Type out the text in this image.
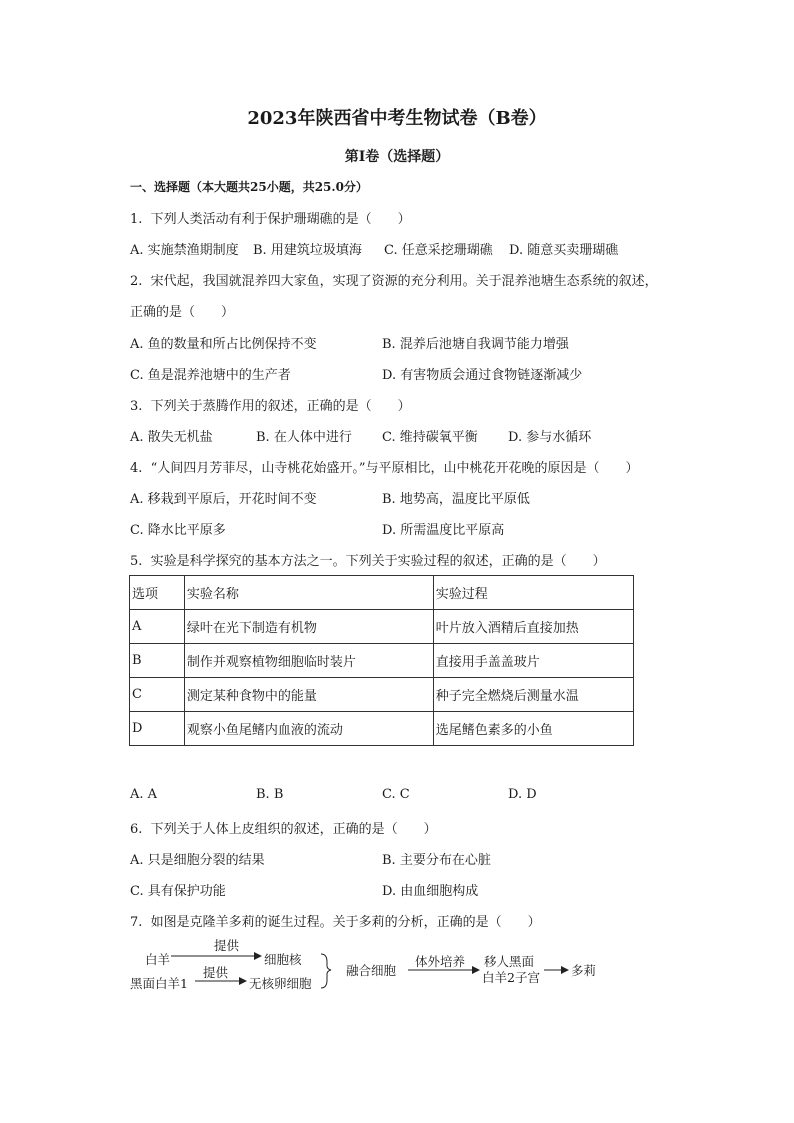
2023年陕西省中考生物试卷（B卷）
第I卷（选择题）
一、选择题（本大题共25小题，共25.0分）
1. 下列人类活动有利于保护珊瑚礁的是（　　）
A. 实施禁渔期制度 B. 用建筑垃圾填海 C. 任意采挖珊瑚礁 D. 随意买卖珊瑚礁
2. 宋代起，我国就混养四大家鱼，实现了资源的充分利用。关于混养池塘生态系统的叙述，
正确的是（　　）
A. 鱼的数量和所占比例保持不变	B. 混养后池塘自我调节能力增强
C. 鱼是混养池塘中的生产者	D. 有害物质会通过食物链逐渐减少
3. 下列关于蒸腾作用的叙述，正确的是（　　）
A. 散失无机盐	B. 在人体中进行 C. 维持碳氧平衡 D. 参与水循环
4. “人间四月芳菲尽，山寺桃花始盛开。”与平原相比，山中桃花开花晚的原因是（　　）
A. 移栽到平原后，开花时间不变	B. 地势高，温度比平原低
C. 降水比平原多	D. 所需温度比平原高
5. 实验是科学探究的基本方法之一。下列关于实验过程的叙述，正确的是（　　）
选项	实验名称	实验过程
A	绿叶在光下制造有机物	叶片放入酒精后直接加热
B	制作并观察植物细胞临时装片	直接用手盖盖玻片
C	测定某种食物中的能量	种子完全燃烧后测量水温
D	观察小鱼尾鳍内血液的流动	选尾鳍色素多的小鱼
A. A	B. B	C. C	D. D
6. 下列关于人体上皮组织的叙述，正确的是（　　）
A. 只是细胞分裂的结果	B. 主要分布在心脏
C. 具有保护功能	D. 由血细胞构成
7. 如图是克隆羊多莉的诞生过程。关于多莉的分析，正确的是（　　）
白羊
提供
细胞核
黑面白羊1
提供
无核卵细胞
融合细胞
体外培养 移人黑面
白羊2子宫 多莉
